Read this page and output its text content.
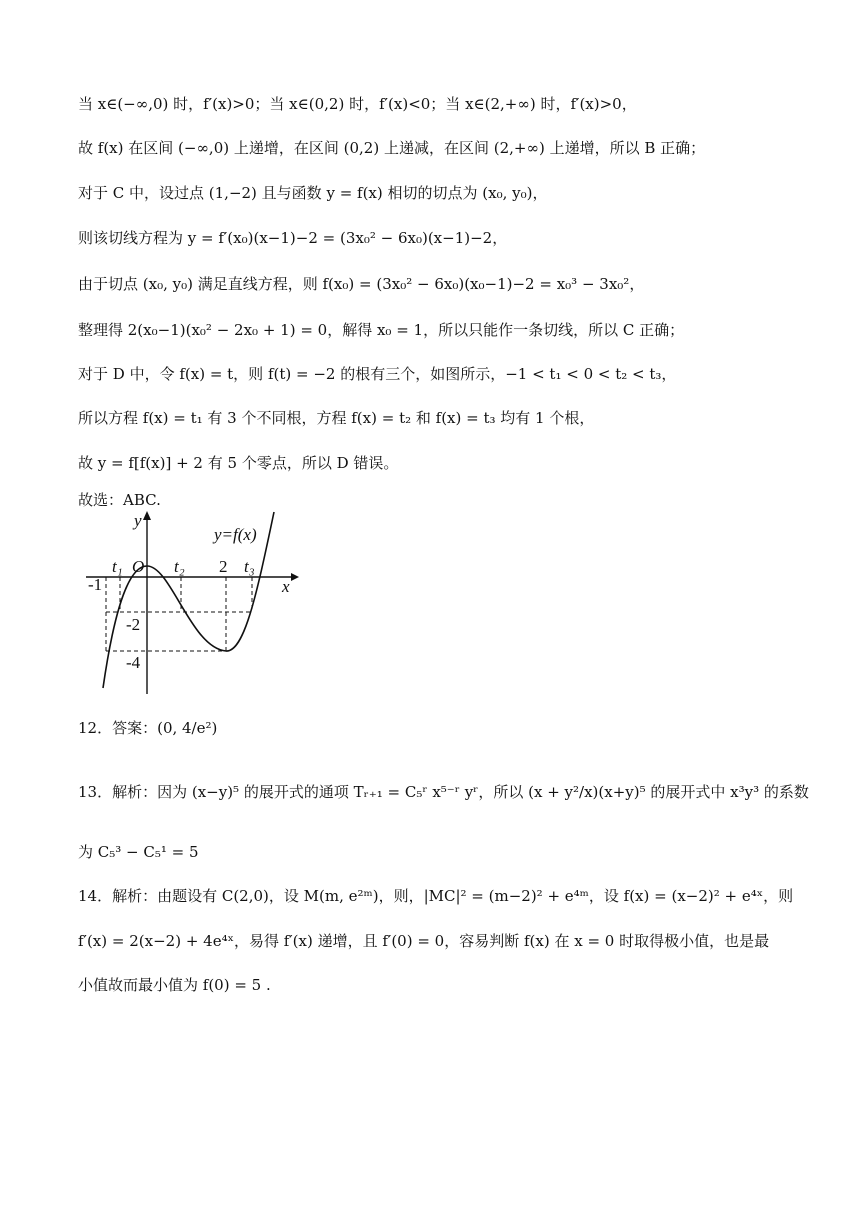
当 x∈(−∞,0) 时，f′(x)>0；当 x∈(0,2) 时，f′(x)<0；当 x∈(2,+∞) 时，f′(x)>0，
故 f(x) 在区间 (−∞,0) 上递增，在区间 (0,2) 上递减，在区间 (2,+∞) 上递增，所以 B 正确；
对于 C 中，设过点 (1,−2) 且与函数 y = f(x) 相切的切点为 (x₀, y₀)，
则该切线方程为 y = f′(x₀)(x−1)−2 = (3x₀² − 6x₀)(x−1)−2，
由于切点 (x₀, y₀) 满足直线方程，则 f(x₀) = (3x₀² − 6x₀)(x₀−1)−2 = x₀³ − 3x₀²，
整理得 2(x₀−1)(x₀² − 2x₀ + 1) = 0，解得 x₀ = 1，所以只能作一条切线，所以 C 正确；
对于 D 中，令 f(x) = t，则 f(t) = −2 的根有三个，如图所示，−1 < t₁ < 0 < t₂ < t₃，
所以方程 f(x) = t₁ 有 3 个不同根，方程 f(x) = t₂ 和 f(x) = t₃ 均有 1 个根，
故 y = f[f(x)] + 2 有 5 个零点，所以 D 错误。
故选：ABC.
y
x
y=f(x)
O
t₁	t₂ 2 t₃
-1
-2
-4
12．答案：(0, 4/e²)
13．解析：因为 (x−y)⁵ 的展开式的通项 Tᵣ₊₁ = C₅ʳ x⁵⁻ʳ yʳ，所以 (x + y²/x)(x+y)⁵ 的展开式中 x³y³ 的系数
为 C₅³ − C₅¹ = 5
14．解析：由题设有 C(2,0)，设 M(m, e²ᵐ)，则，|MC|² = (m−2)² + e⁴ᵐ，设 f(x) = (x−2)² + e⁴ˣ，则
f′(x) = 2(x−2) + 4e⁴ˣ，易得 f′(x) 递增，且 f′(0) = 0，容易判断 f(x) 在 x = 0 时取得极小值，也是最
小值故而最小值为 f(0) = 5 .
